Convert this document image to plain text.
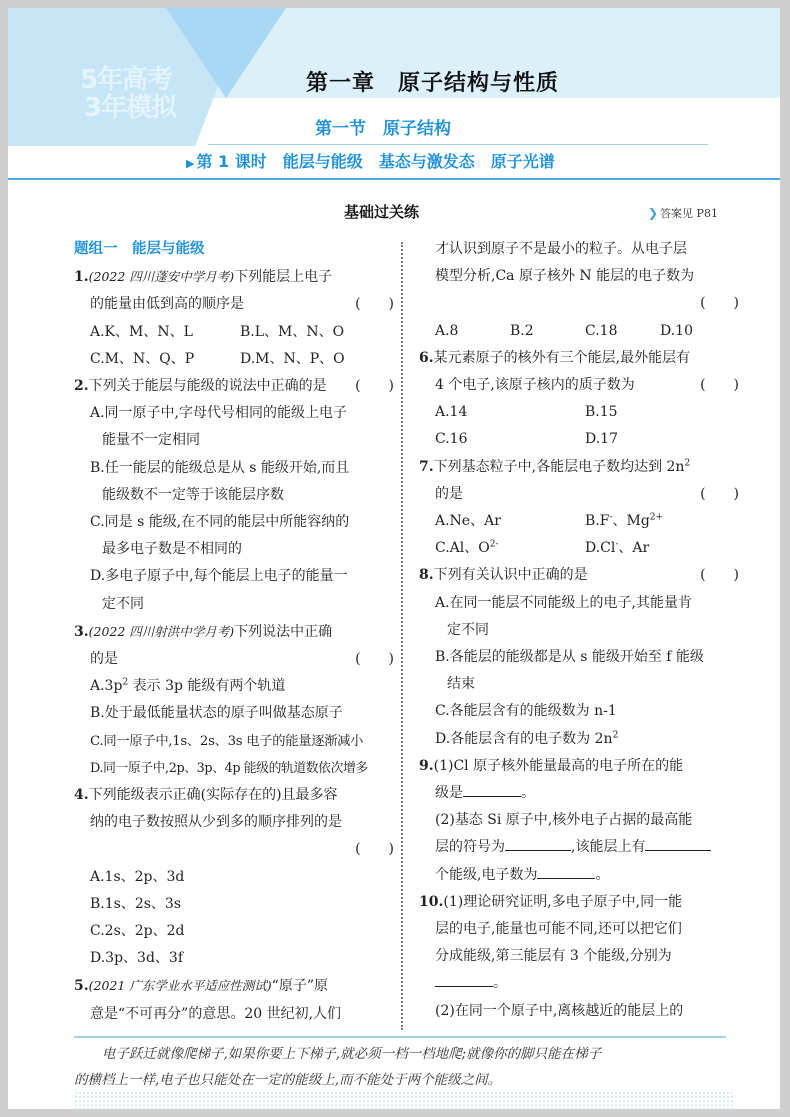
5年高考
3年模拟
第一章　原子结构与性质
第一节　原子结构
▶ 第 1 课时　能层与能级　基态与激发态　原子光谱
基础过关练	❯ 答案见 P81
题组一　能层与能级
1.(2022 四川蓬安中学月考)下列能层上电子
的能量由低到高的顺序是	(　　)
A.K、M、N、L	B.L、M、N、O
C.M、N、Q、P	D.M、N、P、O
2.下列关于能层与能级的说法中正确的是 (　　)
A.同一原子中,字母代号相同的能级上电子
能量不一定相同
B.任一能层的能级总是从 s 能级开始,而且
能级数不一定等于该能层序数
C.同是 s 能级,在不同的能层中所能容纳的
最多电子数是不相同的
D.多电子原子中,每个能层上电子的能量一
定不同
3.(2022 四川射洪中学月考)下列说法中正确
的是	(　　)
$A.3p^2$ 表示 3p 能级有两个轨道
B.处于最低能量状态的原子叫做基态原子
C.同一原子中,1s、2s、3s 电子的能量逐渐减小
D.同一原子中,2p、3p、4p 能级的轨道数依次增多
4.下列能级表示正确(实际存在的)且最多容
纳的电子数按照从少到多的顺序排列的是
(　　)
A.1s、2p、3d
B.1s、2s、3s
C.2s、2p、2d
D.3p、3d、3f
5.(2021 广东学业水平适应性测试)“原子”原
意是“不可再分”的意思。20 世纪初,人们
才认识到原子不是最小的粒子。从电子层
模型分析,Ca 原子核外 N 能层的电子数为
(　　)
A.8	B.2	C.18	D.10
6.某元素原子的核外有三个能层,最外能层有
4 个电子,该原子核内的质子数为	(　　)
A.14	B.15
C.16	D.17
7.下列基态粒子中,各能层电子数均达到 $2n^2$
的是	(　　)
A.Ne、Ar	B.F-、$Mg^{2+}$
C.Al、$O^{2-}$	D.Cl-、Ar
8.下列有关认识中正确的是	(　　)
A.在同一能层不同能级上的电子,其能量肯
定不同
B.各能层的能级都是从 s 能级开始至 f 能级
结束
C.各能层含有的能级数为 n-1
D.各能层含有的电子数为 $2n^2$
9.(1)Cl 原子核外能量最高的电子所在的能
级是	。
(2)基态 Si 原子中,核外电子占据的最高能
层的符号为	,该能层上有
个能级,电子数为	。
10.(1)理论研究证明,多电子原子中,同一能
层的电子,能量也可能不同,还可以把它们
分成能级,第三能层有 3 个能级,分别为
。
(2)在同一个原子中,离核越近的能层上的
电子跃迁就像爬梯子,如果你要上下梯子,就必须一档一档地爬;就像你的脚只能在梯子
的横档上一样,电子也只能处在一定的能级上,而不能处于两个能级之间。
